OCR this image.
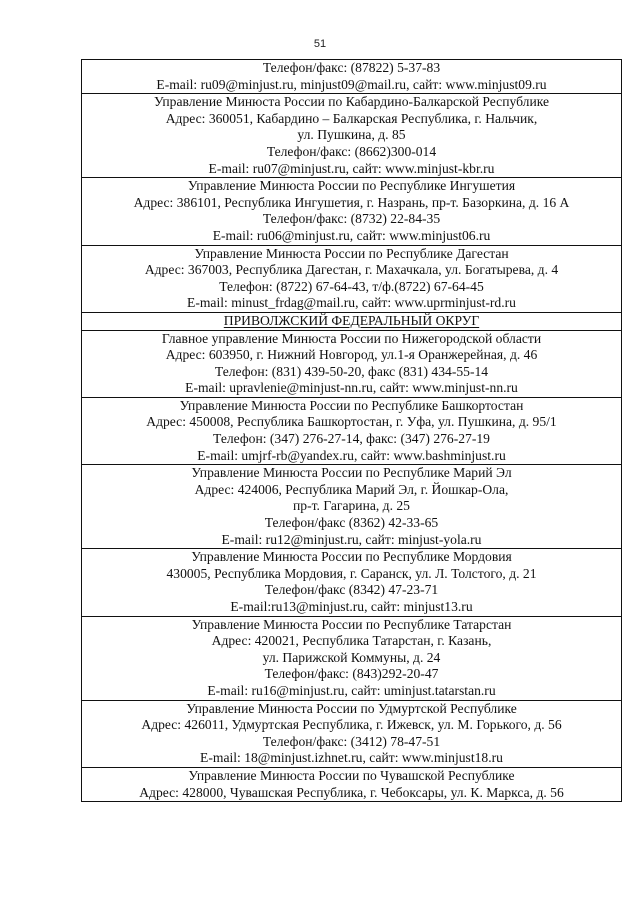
51
Телефон/факс: (87822) 5-37-83
E-mail: ru09@minjust.ru, minjust09@mail.ru, сайт: www.minjust09.ru
Управление Минюста России по Кабардино-Балкарской Республике
Адрес: 360051, Кабардино – Балкарская Республика, г. Нальчик,
ул. Пушкина, д. 85
Телефон/факс: (8662)300-014
E-mail: ru07@minjust.ru, сайт: www.minjust-kbr.ru
Управление Минюста России по Республике Ингушетия
Адрес: 386101, Республика Ингушетия, г. Назрань, пр-т. Базоркина, д. 16 А
Телефон/факс: (8732) 22-84-35
E-mail: ru06@minjust.ru, сайт: www.minjust06.ru
Управление Минюста России по Республике Дагестан
Адрес: 367003, Республика Дагестан, г. Махачкала, ул. Богатырева, д. 4
Телефон: (8722) 67-64-43, т/ф.(8722) 67-64-45
E-mail: minust_frdag@mail.ru, сайт: www.uprminjust-rd.ru
ПРИВОЛЖСКИЙ ФЕДЕРАЛЬНЫЙ ОКРУГ
Главное управление Минюста России по Нижегородской области
Адрес: 603950, г. Нижний Новгород, ул.1-я Оранжерейная, д. 46
Телефон: (831) 439-50-20, факс (831) 434-55-14
E-mail: upravlenie@minjust-nn.ru, сайт: www.minjust-nn.ru
Управление Минюста России по Республике Башкортостан
Адрес: 450008, Республика Башкортостан, г. Уфа, ул. Пушкина, д. 95/1
Телефон: (347) 276-27-14, факс: (347) 276-27-19
E-mail: umjrf-rb@yandex.ru, сайт: www.bashminjust.ru
Управление Минюста России по Республике Марий Эл
Адрес: 424006, Республика Марий Эл, г. Йошкар-Ола,
пр-т. Гагарина, д. 25
Телефон/факс (8362) 42-33-65
E-mail: ru12@minjust.ru, сайт: minjust-yola.ru
Управление Минюста России по Республике Мордовия
430005, Республика Мордовия, г. Саранск, ул. Л. Толстого, д. 21
Телефон/факс (8342) 47-23-71
E-mail:ru13@minjust.ru, сайт: minjust13.ru
Управление Минюста России по Республике Татарстан
Адрес: 420021, Республика Татарстан, г. Казань,
ул. Парижской Коммуны, д. 24
Телефон/факс: (843)292-20-47
E-mail: ru16@minjust.ru, сайт: uminjust.tatarstan.ru
Управление Минюста России по Удмуртской Республике
Адрес: 426011, Удмуртская Республика, г. Ижевск, ул. М. Горького, д. 56
Телефон/факс: (3412) 78-47-51
E-mail: 18@minjust.izhnet.ru, сайт: www.minjust18.ru
Управление Минюста России по Чувашской Республике
Адрес: 428000, Чувашская Республика, г. Чебоксары, ул. К. Маркса, д. 56
